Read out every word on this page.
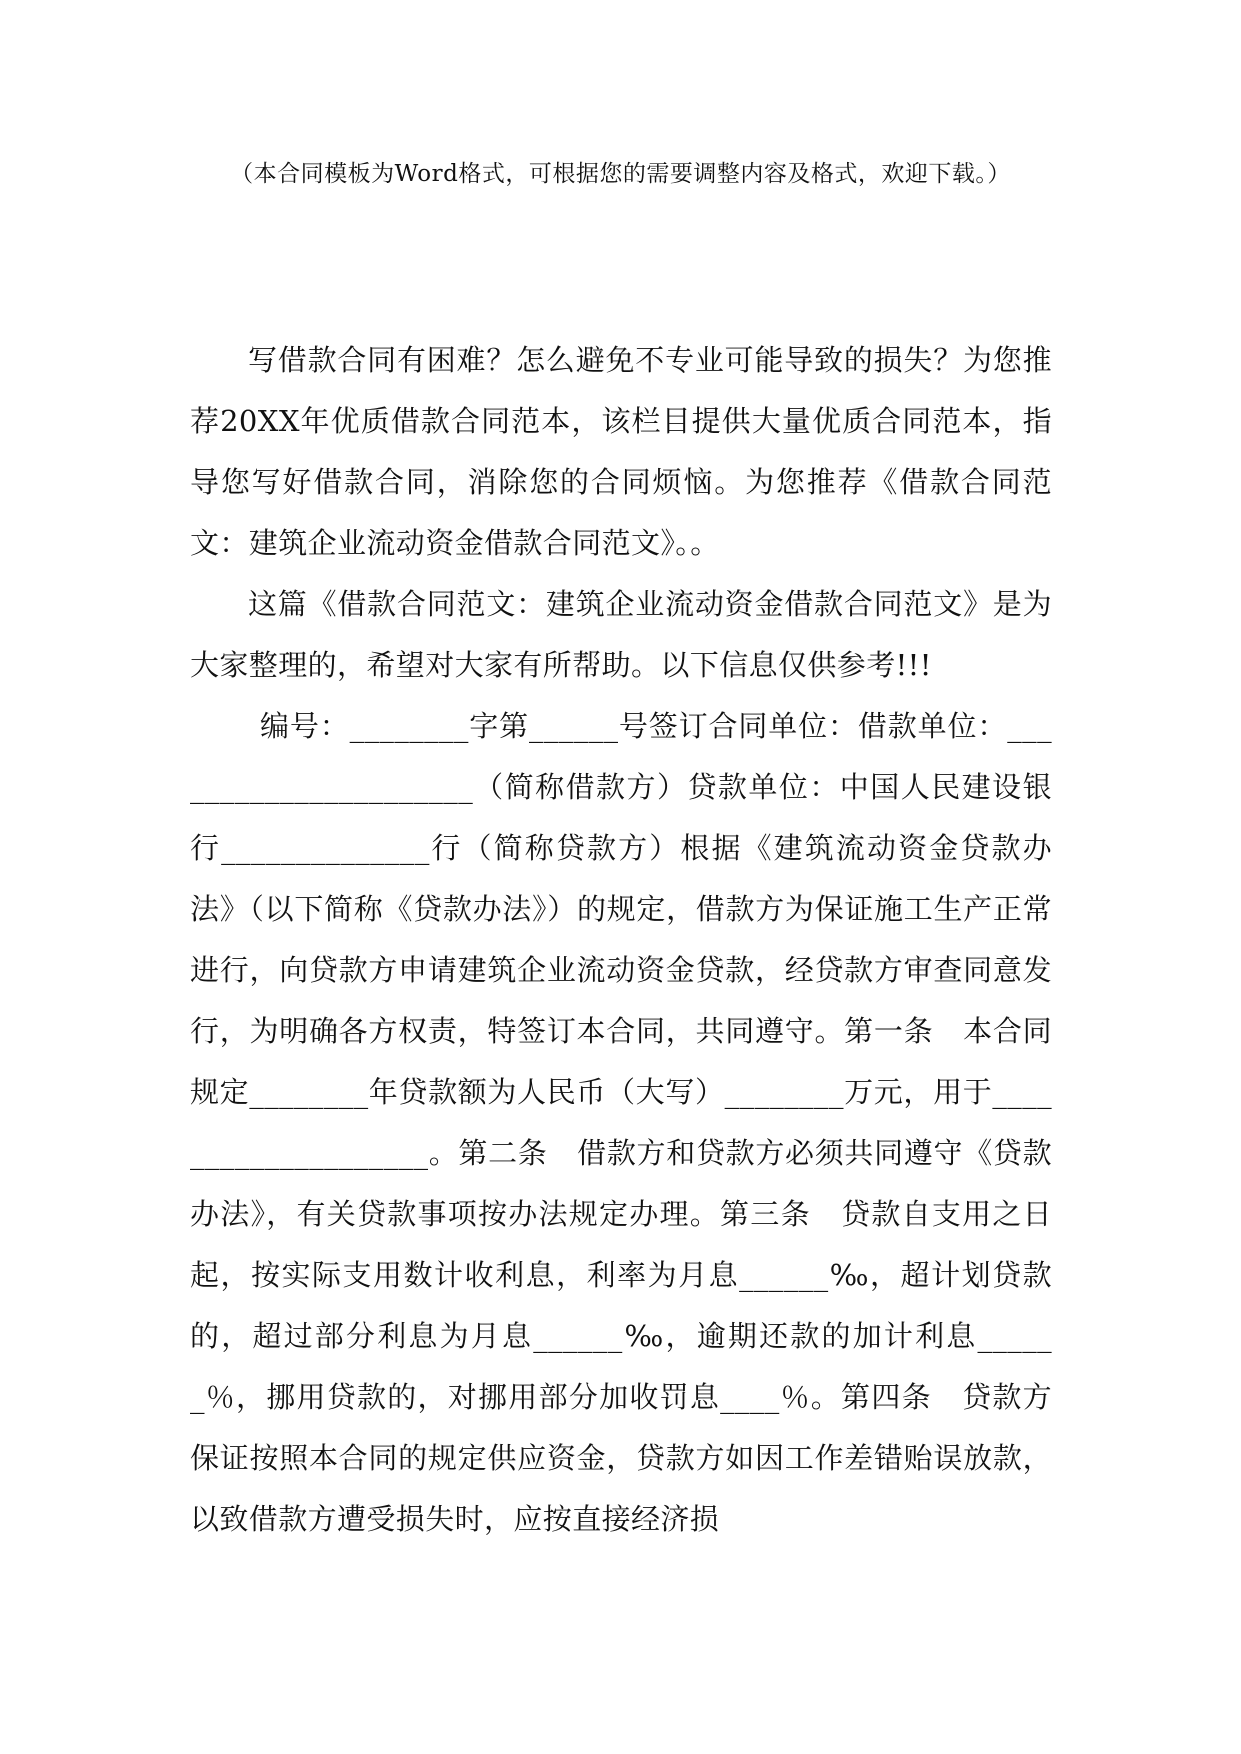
（本合同模板为Word格式，可根据您的需要调整内容及格式，欢迎下载。）

写借款合同有困难？怎么避免不专业可能导致的损失？为您推荐20XX年优质借款合同范本，该栏目提供大量优质合同范本，指导您写好借款合同，消除您的合同烦恼。为您推荐《借款合同范文：建筑企业流动资金借款合同范文》。。

这篇《借款合同范文：建筑企业流动资金借款合同范文》是为大家整理的，希望对大家有所帮助。以下信息仅供参考!!!

编号：________字第______号签订合同单位：借款单位：______________________（简称借款方）贷款单位：中国人民建设银行______________行（简称贷款方）根据《建筑流动资金贷款办法》（以下简称《贷款办法》）的规定，借款方为保证施工生产正常进行，向贷款方申请建筑企业流动资金贷款，经贷款方审查同意发行，为明确各方权责，特签订本合同，共同遵守。第一条　本合同规定________年贷款额为人民币（大写）________万元，用于____________________。第二条　借款方和贷款方必须共同遵守《贷款办法》，有关贷款事项按办法规定办理。第三条　贷款自支用之日起，按实际支用数计收利息，利率为月息______‰，超计划贷款的，超过部分利息为月息______‰，逾期还款的加计利息______％，挪用贷款的，对挪用部分加收罚息____％。第四条　贷款方保证按照本合同的规定供应资金，贷款方如因工作差错贻误放款，以致借款方遭受损失时，应按直接经济损
